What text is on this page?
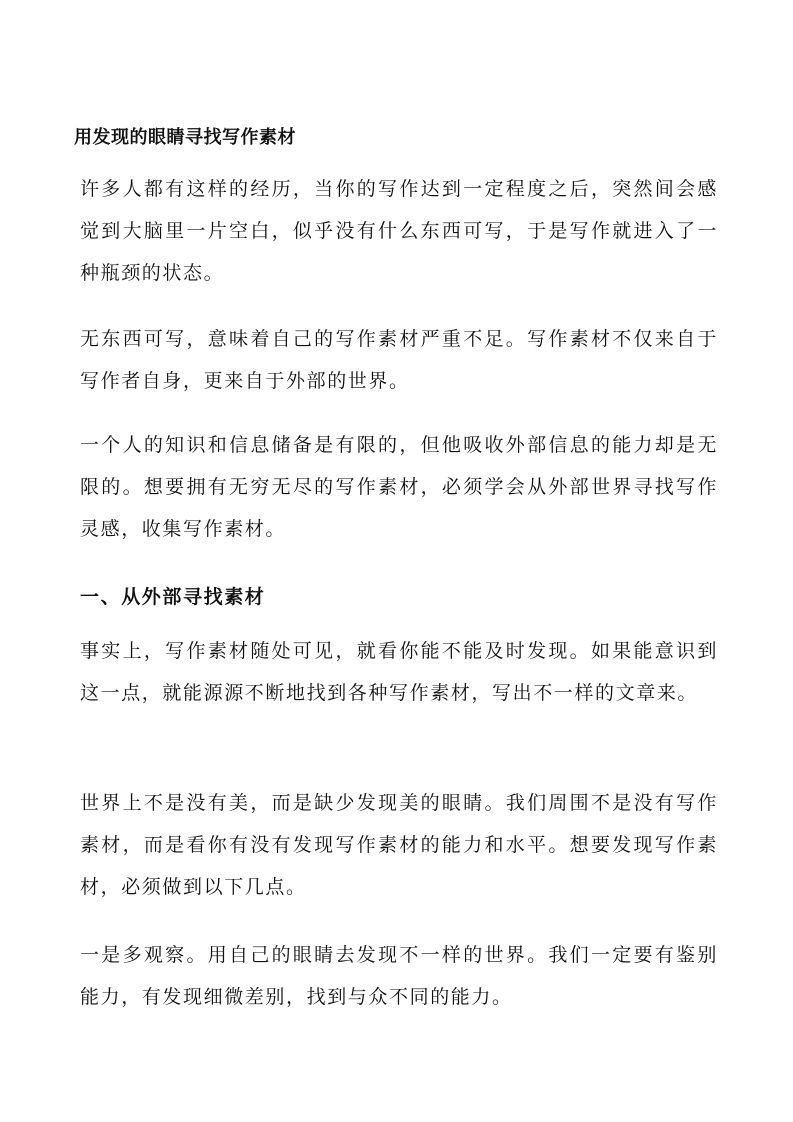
用发现的眼睛寻找写作素材

许多人都有这样的经历，当你的写作达到一定程度之后，突然间会感觉到大脑里一片空白，似乎没有什么东西可写，于是写作就进入了一种瓶颈的状态。

无东西可写，意味着自己的写作素材严重不足。写作素材不仅来自于写作者自身，更来自于外部的世界。

一个人的知识和信息储备是有限的，但他吸收外部信息的能力却是无限的。想要拥有无穷无尽的写作素材，必须学会从外部世界寻找写作灵感，收集写作素材。

一、从外部寻找素材

事实上，写作素材随处可见，就看你能不能及时发现。如果能意识到这一点，就能源源不断地找到各种写作素材，写出不一样的文章来。

世界上不是没有美，而是缺少发现美的眼睛。我们周围不是没有写作素材，而是看你有没有发现写作素材的能力和水平。想要发现写作素材，必须做到以下几点。

一是多观察。用自己的眼睛去发现不一样的世界。我们一定要有鉴别能力，有发现细微差别，找到与众不同的能力。
